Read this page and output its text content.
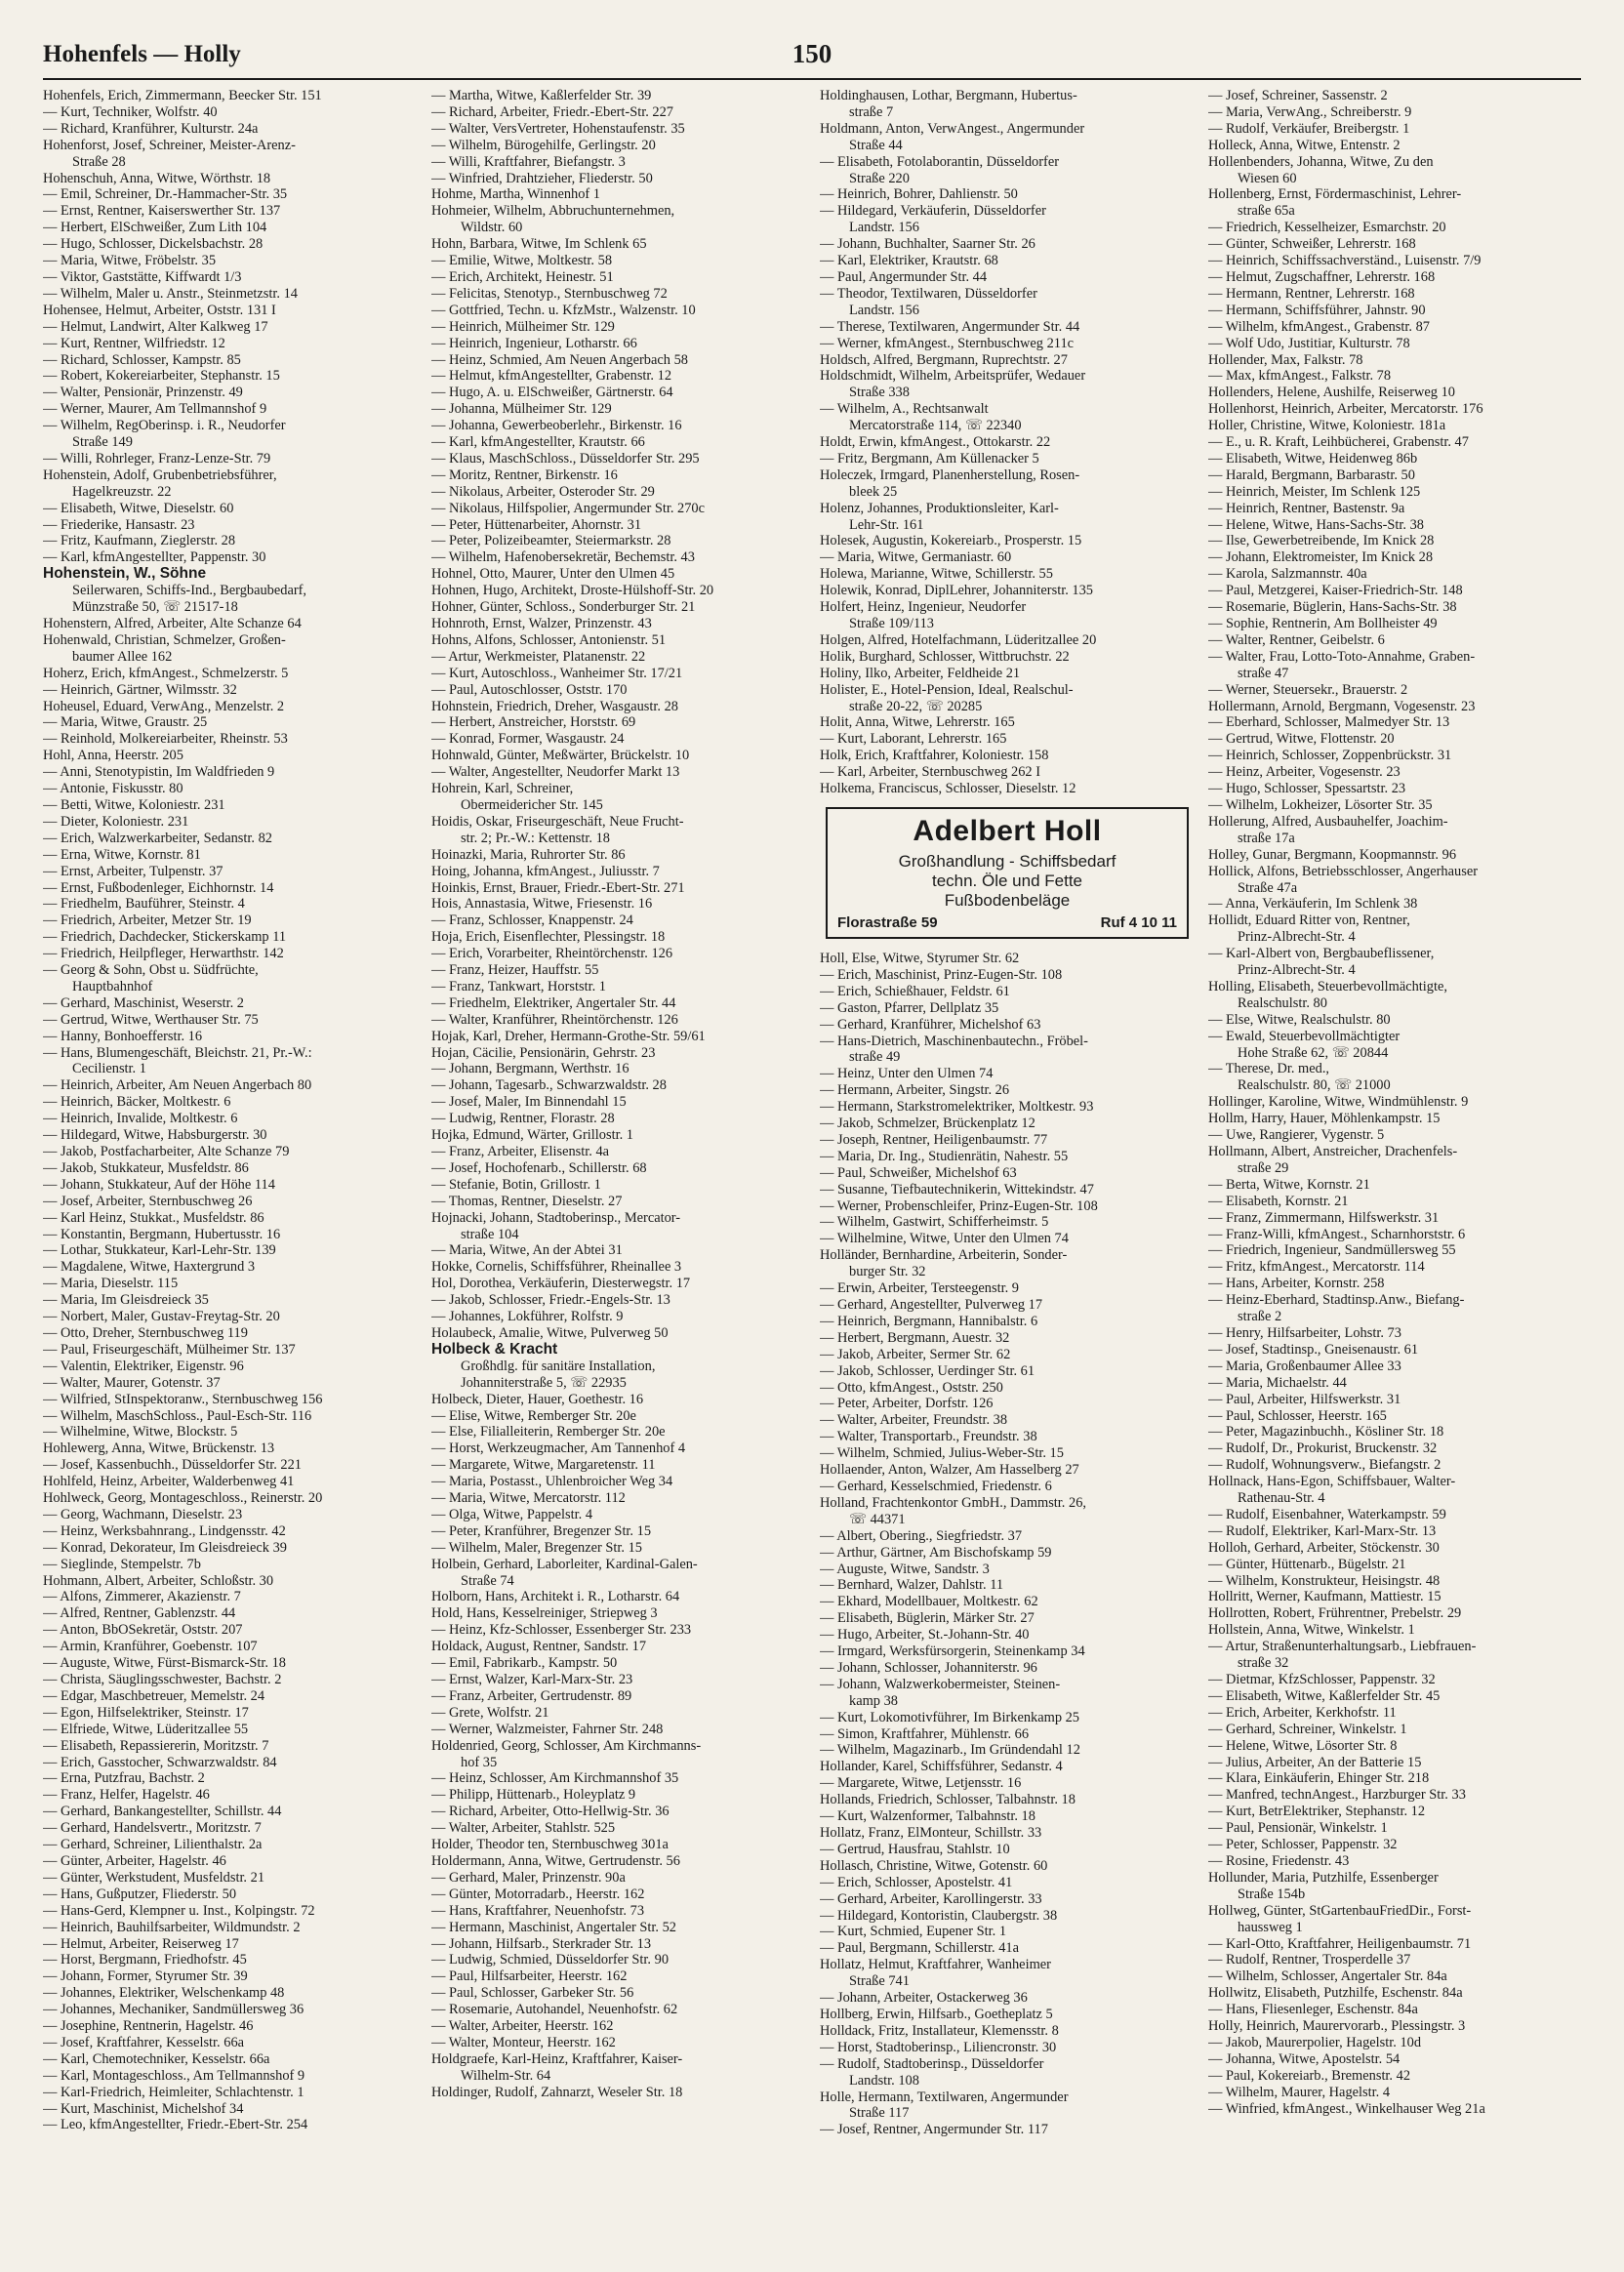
Hohenfels — Holly	150
Hohenfels, Erich, Zimmermann, Beecker Str. 151
— Kurt, Techniker, Wolfstr. 40
— Richard, Kranführer, Kulturstr. 24a
Hohenforst, Josef, Schreiner, Meister-Arenz-
Straße 28
Hohenschuh, Anna, Witwe, Wörthstr. 18
— Emil, Schreiner, Dr.-Hammacher-Str. 35
— Ernst, Rentner, Kaiserswerther Str. 137
— Herbert, ElSchweißer, Zum Lith 104
— Hugo, Schlosser, Dickelsbachstr. 28
— Maria, Witwe, Fröbelstr. 35
— Viktor, Gaststätte, Kiffwardt 1/3
— Wilhelm, Maler u. Anstr., Steinmetzstr. 14
Hohensee, Helmut, Arbeiter, Oststr. 131 I
— Helmut, Landwirt, Alter Kalkweg 17
— Kurt, Rentner, Wilfriedstr. 12
— Richard, Schlosser, Kampstr. 85
— Robert, Kokereiarbeiter, Stephanstr. 15
— Walter, Pensionär, Prinzenstr. 49
— Werner, Maurer, Am Tellmannshof 9
— Wilhelm, RegOberinsp. i. R., Neudorfer
Straße 149
— Willi, Rohrleger, Franz-Lenze-Str. 79
Hohenstein, Adolf, Grubenbetriebsführer,
Hagelkreuzstr. 22
— Elisabeth, Witwe, Dieselstr. 60
— Friederike, Hansastr. 23
— Fritz, Kaufmann, Zieglerstr. 28
— Karl, kfmAngestellter, Pappenstr. 30
Hohenstein, W., Söhne
Seilerwaren, Schiffs-Ind., Bergbaubedarf,
Münzstraße 50, ☏ 21517-18
Hohenstern, Alfred, Arbeiter, Alte Schanze 64
Hohenwald, Christian, Schmelzer, Großen-
baumer Allee 162
Hoherz, Erich, kfmAngest., Schmelzerstr. 5
— Heinrich, Gärtner, Wilmsstr. 32
Hoheusel, Eduard, VerwAng., Menzelstr. 2
— Maria, Witwe, Graustr. 25
— Reinhold, Molkereiarbeiter, Rheinstr. 53
Hohl, Anna, Heerstr. 205
— Anni, Stenotypistin, Im Waldfrieden 9
— Antonie, Fiskusstr. 80
— Betti, Witwe, Koloniestr. 231
— Dieter, Koloniestr. 231
— Erich, Walzwerkarbeiter, Sedanstr. 82
— Erna, Witwe, Kornstr. 81
— Ernst, Arbeiter, Tulpenstr. 37
— Ernst, Fußbodenleger, Eichhornstr. 14
— Friedhelm, Bauführer, Steinstr. 4
— Friedrich, Arbeiter, Metzer Str. 19
— Friedrich, Dachdecker, Stickerskamp 11
— Friedrich, Heilpfleger, Herwarthstr. 142
— Georg & Sohn, Obst u. Südfrüchte,
Hauptbahnhof
— Gerhard, Maschinist, Weserstr. 2
— Gertrud, Witwe, Werthauser Str. 75
— Hanny, Bonhoefferstr. 16
— Hans, Blumengeschäft, Bleichstr. 21, Pr.-W.:
Cecilienstr. 1
— Heinrich, Arbeiter, Am Neuen Angerbach 80
— Heinrich, Bäcker, Moltkestr. 6
— Heinrich, Invalide, Moltkestr. 6
— Hildegard, Witwe, Habsburgerstr. 30
— Jakob, Postfacharbeiter, Alte Schanze 79
— Jakob, Stukkateur, Musfeldstr. 86
— Johann, Stukkateur, Auf der Höhe 114
— Josef, Arbeiter, Sternbuschweg 26
— Karl Heinz, Stukkat., Musfeldstr. 86
— Konstantin, Bergmann, Hubertusstr. 16
— Lothar, Stukkateur, Karl-Lehr-Str. 139
— Magdalene, Witwe, Haxtergrund 3
— Maria, Dieselstr. 115
— Maria, Im Gleisdreieck 35
— Norbert, Maler, Gustav-Freytag-Str. 20
— Otto, Dreher, Sternbuschweg 119
— Paul, Friseurgeschäft, Mülheimer Str. 137
— Valentin, Elektriker, Eigenstr. 96
— Walter, Maurer, Gotenstr. 37
— Wilfried, StInspektoranw., Sternbuschweg 156
— Wilhelm, MaschSchloss., Paul-Esch-Str. 116
— Wilhelmine, Witwe, Blockstr. 5
Hohlewerg, Anna, Witwe, Brückenstr. 13
— Josef, Kassenbuchh., Düsseldorfer Str. 221
Hohlfeld, Heinz, Arbeiter, Walderbenweg 41
Hohlweck, Georg, Montageschloss., Reinerstr. 20
— Georg, Wachmann, Dieselstr. 23
— Heinz, Werksbahnrang., Lindgensstr. 42
— Konrad, Dekorateur, Im Gleisdreieck 39
— Sieglinde, Stempelstr. 7b
Hohmann, Albert, Arbeiter, Schloßstr. 30
— Alfons, Zimmerer, Akazienstr. 7
— Alfred, Rentner, Gablenzstr. 44
— Anton, BbOSekretär, Oststr. 207
— Armin, Kranführer, Goebenstr. 107
— Auguste, Witwe, Fürst-Bismarck-Str. 18
— Christa, Säuglingsschwester, Bachstr. 2
— Edgar, Maschbetreuer, Memelstr. 24
— Egon, Hilfselektriker, Steinstr. 17
— Elfriede, Witwe, Lüderitzallee 55
— Elisabeth, Repassiererin, Moritzstr. 7
— Erich, Gasstocher, Schwarzwaldstr. 84
— Erna, Putzfrau, Bachstr. 2
— Franz, Helfer, Hagelstr. 46
— Gerhard, Bankangestellter, Schillstr. 44
— Gerhard, Handelsvertr., Moritzstr. 7
— Gerhard, Schreiner, Lilienthalstr. 2a
— Günter, Arbeiter, Hagelstr. 46
— Günter, Werkstudent, Musfeldstr. 21
— Hans, Gußputzer, Fliederstr. 50
— Hans-Gerd, Klempner u. Inst., Kolpingstr. 72
— Heinrich, Bauhilfsarbeiter, Wildmundstr. 2
— Helmut, Arbeiter, Reiserweg 17
— Horst, Bergmann, Friedhofstr. 45
— Johann, Former, Styrumer Str. 39
— Johannes, Elektriker, Welschenkamp 48
— Johannes, Mechaniker, Sandmüllersweg 36
— Josephine, Rentnerin, Hagelstr. 46
— Josef, Kraftfahrer, Kesselstr. 66a
— Karl, Chemotechniker, Kesselstr. 66a
— Karl, Montageschloss., Am Tellmannshof 9
— Karl-Friedrich, Heimleiter, Schlachtenstr. 1
— Kurt, Maschinist, Michelshof 34
— Leo, kfmAngestellter, Friedr.-Ebert-Str. 254
— Martha, Witwe, Kaßlerfelder Str. 39
— Richard, Arbeiter, Friedr.-Ebert-Str. 227
— Walter, VersVertreter, Hohenstaufenstr. 35
— Wilhelm, Bürogehilfe, Gerlingstr. 20
— Willi, Kraftfahrer, Biefangstr. 3
— Winfried, Drahtzieher, Fliederstr. 50
Hohme, Martha, Winnenhof 1
Hohmeier, Wilhelm, Abbruchunternehmen,
Wildstr. 60
Hohn, Barbara, Witwe, Im Schlenk 65
— Emilie, Witwe, Moltkestr. 58
— Erich, Architekt, Heinestr. 51
— Felicitas, Stenotyp., Sternbuschweg 72
— Gottfried, Techn. u. KfzMstr., Walzenstr. 10
— Heinrich, Mülheimer Str. 129
— Heinrich, Ingenieur, Lotharstr. 66
— Heinz, Schmied, Am Neuen Angerbach 58
— Helmut, kfmAngestellter, Grabenstr. 12
— Hugo, A. u. ElSchweißer, Gärtnerstr. 64
— Johanna, Mülheimer Str. 129
— Johanna, Gewerbeoberlehr., Birkenstr. 16
— Karl, kfmAngestellter, Krautstr. 66
— Klaus, MaschSchloss., Düsseldorfer Str. 295
— Moritz, Rentner, Birkenstr. 16
— Nikolaus, Arbeiter, Osteroder Str. 29
— Nikolaus, Hilfspolier, Angermunder Str. 270c
— Peter, Hüttenarbeiter, Ahornstr. 31
— Peter, Polizeibeamter, Steiermarkstr. 28
— Wilhelm, Hafenobersekretär, Bechemstr. 43
Hohnel, Otto, Maurer, Unter den Ulmen 45
Hohnen, Hugo, Architekt, Droste-Hülshoff-Str. 20
Hohner, Günter, Schloss., Sonderburger Str. 21
Hohnroth, Ernst, Walzer, Prinzenstr. 43
Hohns, Alfons, Schlosser, Antonienstr. 51
— Artur, Werkmeister, Platanenstr. 22
— Kurt, Autoschloss., Wanheimer Str. 17/21
— Paul, Autoschlosser, Oststr. 170
Hohnstein, Friedrich, Dreher, Wasgaustr. 28
— Herbert, Anstreicher, Horststr. 69
— Konrad, Former, Wasgaustr. 24
Hohnwald, Günter, Meßwärter, Brückelstr. 10
— Walter, Angestellter, Neudorfer Markt 13
Hohrein, Karl, Schreiner,
Obermeidericher Str. 145
Hoidis, Oskar, Friseurgeschäft, Neue Frucht-
str. 2; Pr.-W.: Kettenstr. 18
Hoinazki, Maria, Ruhrorter Str. 86
Hoing, Johanna, kfmAngest., Juliusstr. 7
Hoinkis, Ernst, Brauer, Friedr.-Ebert-Str. 271
Hois, Annastasia, Witwe, Friesenstr. 16
— Franz, Schlosser, Knappenstr. 24
Hoja, Erich, Eisenflechter, Plessingstr. 18
— Erich, Vorarbeiter, Rheintörchenstr. 126
— Franz, Heizer, Hauffstr. 55
— Franz, Tankwart, Horststr. 1
— Friedhelm, Elektriker, Angertaler Str. 44
— Walter, Kranführer, Rheintörchenstr. 126
Hojak, Karl, Dreher, Hermann-Grothe-Str. 59/61
Hojan, Cäcilie, Pensionärin, Gehrstr. 23
— Johann, Bergmann, Werthstr. 16
— Johann, Tagesarb., Schwarzwaldstr. 28
— Josef, Maler, Im Binnendahl 15
— Ludwig, Rentner, Florastr. 28
Hojka, Edmund, Wärter, Grillostr. 1
— Franz, Arbeiter, Elisenstr. 4a
— Josef, Hochofenarb., Schillerstr. 68
— Stefanie, Botin, Grillostr. 1
— Thomas, Rentner, Dieselstr. 27
Hojnacki, Johann, Stadtoberinsp., Mercator-
straße 104
— Maria, Witwe, An der Abtei 31
Hokke, Cornelis, Schiffsführer, Rheinallee 3
Hol, Dorothea, Verkäuferin, Diesterwegstr. 17
— Jakob, Schlosser, Friedr.-Engels-Str. 13
— Johannes, Lokführer, Rolfstr. 9
Holaubeck, Amalie, Witwe, Pulverweg 50
Holbeck & Kracht
Großhdlg. für sanitäre Installation,
Johanniterstraße 5, ☏ 22935
Holbeck, Dieter, Hauer, Goethestr. 16
— Elise, Witwe, Remberger Str. 20e
— Else, Filialleiterin, Remberger Str. 20e
— Horst, Werkzeugmacher, Am Tannenhof 4
— Margarete, Witwe, Margaretenstr. 11
— Maria, Postasst., Uhlenbroicher Weg 34
— Maria, Witwe, Mercatorstr. 112
— Olga, Witwe, Pappelstr. 4
— Peter, Kranführer, Bregenzer Str. 15
— Wilhelm, Maler, Bregenzer Str. 15
Holbein, Gerhard, Laborleiter, Kardinal-Galen-
Straße 74
Holborn, Hans, Architekt i. R., Lotharstr. 64
Hold, Hans, Kesselreiniger, Striepweg 3
— Heinz, Kfz-Schlosser, Essenberger Str. 233
Holdack, August, Rentner, Sandstr. 17
— Emil, Fabrikarb., Kampstr. 50
— Ernst, Walzer, Karl-Marx-Str. 23
— Franz, Arbeiter, Gertrudenstr. 89
— Grete, Wolfstr. 21
— Werner, Walzmeister, Fahrner Str. 248
Holdenried, Georg, Schlosser, Am Kirchmanns-
hof 35
— Heinz, Schlosser, Am Kirchmannshof 35
— Philipp, Hüttenarb., Holeyplatz 9
— Richard, Arbeiter, Otto-Hellwig-Str. 36
— Walter, Arbeiter, Stahlstr. 525
Holder, Theodor ten, Sternbuschweg 301a
Holdermann, Anna, Witwe, Gertrudenstr. 56
— Gerhard, Maler, Prinzenstr. 90a
— Günter, Motorradarb., Heerstr. 162
— Hans, Kraftfahrer, Neuenhofstr. 73
— Hermann, Maschinist, Angertaler Str. 52
— Johann, Hilfsarb., Sterkrader Str. 13
— Ludwig, Schmied, Düsseldorfer Str. 90
— Paul, Hilfsarbeiter, Heerstr. 162
— Paul, Schlosser, Garbeker Str. 56
— Rosemarie, Autohandel, Neuenhofstr. 62
— Walter, Arbeiter, Heerstr. 162
— Walter, Monteur, Heerstr. 162
Holdgraefe, Karl-Heinz, Kraftfahrer, Kaiser-
Wilhelm-Str. 64
Holdinger, Rudolf, Zahnarzt, Weseler Str. 18
Holdinghausen, Lothar, Bergmann, Hubertus-
straße 7
Holdmann, Anton, VerwAngest., Angermunder
Straße 44
— Elisabeth, Fotolaborantin, Düsseldorfer
Straße 220
— Heinrich, Bohrer, Dahlienstr. 50
— Hildegard, Verkäuferin, Düsseldorfer
Landstr. 156
— Johann, Buchhalter, Saarner Str. 26
— Karl, Elektriker, Krautstr. 68
— Paul, Angermunder Str. 44
— Theodor, Textilwaren, Düsseldorfer
Landstr. 156
— Therese, Textilwaren, Angermunder Str. 44
— Werner, kfmAngest., Sternbuschweg 211c
Holdsch, Alfred, Bergmann, Ruprechtstr. 27
Holdschmidt, Wilhelm, Arbeitsprüfer, Wedauer
Straße 338
— Wilhelm, A., Rechtsanwalt
Mercatorstraße 114, ☏ 22340
Holdt, Erwin, kfmAngest., Ottokarstr. 22
— Fritz, Bergmann, Am Küllenacker 5
Holeczek, Irmgard, Planenherstellung, Rosen-
bleek 25
Holenz, Johannes, Produktionsleiter, Karl-
Lehr-Str. 161
Holesek, Augustin, Kokereiarb., Prosperstr. 15
— Maria, Witwe, Germaniastr. 60
Holewa, Marianne, Witwe, Schillerstr. 55
Holewik, Konrad, DiplLehrer, Johanniterstr. 135
Holfert, Heinz, Ingenieur, Neudorfer
Straße 109/113
Holgen, Alfred, Hotelfachmann, Lüderitzallee 20
Holik, Burghard, Schlosser, Wittbruchstr. 22
Holiny, Ilko, Arbeiter, Feldheide 21
Holister, E., Hotel-Pension, Ideal, Realschul-
straße 20-22, ☏ 20285
Holit, Anna, Witwe, Lehrerstr. 165
— Kurt, Laborant, Lehrerstr. 165
Holk, Erich, Kraftfahrer, Koloniestr. 158
— Karl, Arbeiter, Sternbuschweg 262 I
Holkema, Franciscus, Schlosser, Dieselstr. 12
Adelbert Holl
Großhandlung - Schiffsbedarf
techn. Öle und Fette
Fußbodenbeläge
Florastraße 59	Ruf 4 10 11
Holl, Else, Witwe, Styrumer Str. 62
— Erich, Maschinist, Prinz-Eugen-Str. 108
— Erich, Schießhauer, Feldstr. 61
— Gaston, Pfarrer, Dellplatz 35
— Gerhard, Kranführer, Michelshof 63
— Hans-Dietrich, Maschinenbautechn., Fröbel-
straße 49
— Heinz, Unter den Ulmen 74
— Hermann, Arbeiter, Singstr. 26
— Hermann, Starkstromelektriker, Moltkestr. 93
— Jakob, Schmelzer, Brückenplatz 12
— Joseph, Rentner, Heiligenbaumstr. 77
— Maria, Dr. Ing., Studienrätin, Nahestr. 55
— Paul, Schweißer, Michelshof 63
— Susanne, Tiefbautechnikerin, Wittekindstr. 47
— Werner, Probenschleifer, Prinz-Eugen-Str. 108
— Wilhelm, Gastwirt, Schifferheimstr. 5
— Wilhelmine, Witwe, Unter den Ulmen 74
Holländer, Bernhardine, Arbeiterin, Sonder-
burger Str. 32
— Erwin, Arbeiter, Tersteegenstr. 9
— Gerhard, Angestellter, Pulverweg 17
— Heinrich, Bergmann, Hannibalstr. 6
— Herbert, Bergmann, Auestr. 32
— Jakob, Arbeiter, Sermer Str. 62
— Jakob, Schlosser, Uerdinger Str. 61
— Otto, kfmAngest., Oststr. 250
— Peter, Arbeiter, Dorfstr. 126
— Walter, Arbeiter, Freundstr. 38
— Walter, Transportarb., Freundstr. 38
— Wilhelm, Schmied, Julius-Weber-Str. 15
Hollaender, Anton, Walzer, Am Hasselberg 27
— Gerhard, Kesselschmied, Friedenstr. 6
Holland, Frachtenkontor GmbH., Dammstr. 26,
☏ 44371
— Albert, Obering., Siegfriedstr. 37
— Arthur, Gärtner, Am Bischofskamp 59
— Auguste, Witwe, Sandstr. 3
— Bernhard, Walzer, Dahlstr. 11
— Ekhard, Modellbauer, Moltkestr. 62
— Elisabeth, Büglerin, Märker Str. 27
— Hugo, Arbeiter, St.-Johann-Str. 40
— Irmgard, Werksfürsorgerin, Steinenkamp 34
— Johann, Schlosser, Johanniterstr. 96
— Johann, Walzwerkobermeister, Steinen-
kamp 38
— Kurt, Lokomotivführer, Im Birkenkamp 25
— Simon, Kraftfahrer, Mühlenstr. 66
— Wilhelm, Magazinarb., Im Gründendahl 12
Hollander, Karel, Schiffsführer, Sedanstr. 4
— Margarete, Witwe, Letjensstr. 16
Hollands, Friedrich, Schlosser, Talbahnstr. 18
— Kurt, Walzenformer, Talbahnstr. 18
Hollatz, Franz, ElMonteur, Schillstr. 33
— Gertrud, Hausfrau, Stahlstr. 10
Hollasch, Christine, Witwe, Gotenstr. 60
— Erich, Schlosser, Apostelstr. 41
— Gerhard, Arbeiter, Karollingerstr. 33
— Hildegard, Kontoristin, Claubergstr. 38
— Kurt, Schmied, Eupener Str. 1
— Paul, Bergmann, Schillerstr. 41a
Hollatz, Helmut, Kraftfahrer, Wanheimer
Straße 741
— Johann, Arbeiter, Ostackerweg 36
Hollberg, Erwin, Hilfsarb., Goetheplatz 5
Holldack, Fritz, Installateur, Klemensstr. 8
— Horst, Stadtoberinsp., Liliencronstr. 30
— Rudolf, Stadtoberinsp., Düsseldorfer
Landstr. 108
Holle, Hermann, Textilwaren, Angermunder
Straße 117
— Josef, Rentner, Angermunder Str. 117
— Josef, Schreiner, Sassenstr. 2
— Maria, VerwAng., Schreiberstr. 9
— Rudolf, Verkäufer, Breibergstr. 1
Holleck, Anna, Witwe, Entenstr. 2
Hollenbenders, Johanna, Witwe, Zu den
Wiesen 60
Hollenberg, Ernst, Fördermaschinist, Lehrer-
straße 65a
— Friedrich, Kesselheizer, Esmarchstr. 20
— Günter, Schweißer, Lehrerstr. 168
— Heinrich, Schiffssachverständ., Luisenstr. 7/9
— Helmut, Zugschaffner, Lehrerstr. 168
— Hermann, Rentner, Lehrerstr. 168
— Hermann, Schiffsführer, Jahnstr. 90
— Wilhelm, kfmAngest., Grabenstr. 87
— Wolf Udo, Justitiar, Kulturstr. 78
Hollender, Max, Falkstr. 78
— Max, kfmAngest., Falkstr. 78
Hollenders, Helene, Aushilfe, Reiserweg 10
Hollenhorst, Heinrich, Arbeiter, Mercatorstr. 176
Holler, Christine, Witwe, Koloniestr. 181a
— E., u. R. Kraft, Leihbücherei, Grabenstr. 47
— Elisabeth, Witwe, Heidenweg 86b
— Harald, Bergmann, Barbarastr. 50
— Heinrich, Meister, Im Schlenk 125
— Heinrich, Rentner, Bastenstr. 9a
— Helene, Witwe, Hans-Sachs-Str. 38
— Ilse, Gewerbetreibende, Im Knick 28
— Johann, Elektromeister, Im Knick 28
— Karola, Salzmannstr. 40a
— Paul, Metzgerei, Kaiser-Friedrich-Str. 148
— Rosemarie, Büglerin, Hans-Sachs-Str. 38
— Sophie, Rentnerin, Am Bollheister 49
— Walter, Rentner, Geibelstr. 6
— Walter, Frau, Lotto-Toto-Annahme, Graben-
straße 47
— Werner, Steuersekr., Brauerstr. 2
Hollermann, Arnold, Bergmann, Vogesenstr. 23
— Eberhard, Schlosser, Malmedyer Str. 13
— Gertrud, Witwe, Flottenstr. 20
— Heinrich, Schlosser, Zoppenbrückstr. 31
— Heinz, Arbeiter, Vogesenstr. 23
— Hugo, Schlosser, Spessartstr. 23
— Wilhelm, Lokheizer, Lösorter Str. 35
Hollerung, Alfred, Ausbauhelfer, Joachim-
straße 17a
Holley, Gunar, Bergmann, Koopmannstr. 96
Hollick, Alfons, Betriebsschlosser, Angerhauser
Straße 47a
— Anna, Verkäuferin, Im Schlenk 38
Hollidt, Eduard Ritter von, Rentner,
Prinz-Albrecht-Str. 4
— Karl-Albert von, Bergbaubeflissener,
Prinz-Albrecht-Str. 4
Holling, Elisabeth, Steuerbevollmächtigte,
Realschulstr. 80
— Else, Witwe, Realschulstr. 80
— Ewald, Steuerbevollmächtigter
Hohe Straße 62, ☏ 20844
— Therese, Dr. med.,
Realschulstr. 80, ☏ 21000
Hollinger, Karoline, Witwe, Windmühlenstr. 9
Hollm, Harry, Hauer, Möhlenkampstr. 15
— Uwe, Rangierer, Vygenstr. 5
Hollmann, Albert, Anstreicher, Drachenfels-
straße 29
— Berta, Witwe, Kornstr. 21
— Elisabeth, Kornstr. 21
— Franz, Zimmermann, Hilfswerkstr. 31
— Franz-Willi, kfmAngest., Scharnhorststr. 6
— Friedrich, Ingenieur, Sandmüllersweg 55
— Fritz, kfmAngest., Mercatorstr. 114
— Hans, Arbeiter, Kornstr. 258
— Heinz-Eberhard, Stadtinsp.Anw., Biefang-
straße 2
— Henry, Hilfsarbeiter, Lohstr. 73
— Josef, Stadtinsp., Gneisenaustr. 61
— Maria, Großenbaumer Allee 33
— Maria, Michaelstr. 44
— Paul, Arbeiter, Hilfswerkstr. 31
— Paul, Schlosser, Heerstr. 165
— Peter, Magazinbuchh., Kösliner Str. 18
— Rudolf, Dr., Prokurist, Bruckenstr. 32
— Rudolf, Wohnungsverw., Biefangstr. 2
Hollnack, Hans-Egon, Schiffsbauer, Walter-
Rathenau-Str. 4
— Rudolf, Eisenbahner, Waterkampstr. 59
— Rudolf, Elektriker, Karl-Marx-Str. 13
Holloh, Gerhard, Arbeiter, Stöckenstr. 30
— Günter, Hüttenarb., Bügelstr. 21
— Wilhelm, Konstrukteur, Heisingstr. 48
Hollritt, Werner, Kaufmann, Mattiestr. 15
Hollrotten, Robert, Frührentner, Prebelstr. 29
Hollstein, Anna, Witwe, Winkelstr. 1
— Artur, Straßenunterhaltungsarb., Liebfrauen-
straße 32
— Dietmar, KfzSchlosser, Pappenstr. 32
— Elisabeth, Witwe, Kaßlerfelder Str. 45
— Erich, Arbeiter, Kerkhofstr. 11
— Gerhard, Schreiner, Winkelstr. 1
— Helene, Witwe, Lösorter Str. 8
— Julius, Arbeiter, An der Batterie 15
— Klara, Einkäuferin, Ehinger Str. 218
— Manfred, technAngest., Harzburger Str. 33
— Kurt, BetrElektriker, Stephanstr. 12
— Paul, Pensionär, Winkelstr. 1
— Peter, Schlosser, Pappenstr. 32
— Rosine, Friedenstr. 43
Hollunder, Maria, Putzhilfe, Essenberger
Straße 154b
Hollweg, Günter, StGartenbauFriedDir., Forst-
haussweg 1
— Karl-Otto, Kraftfahrer, Heiligenbaumstr. 71
— Rudolf, Rentner, Trosperdelle 37
— Wilhelm, Schlosser, Angertaler Str. 84a
Hollwitz, Elisabeth, Putzhilfe, Eschenstr. 84a
— Hans, Fliesenleger, Eschenstr. 84a
Holly, Heinrich, Maurervorarb., Plessingstr. 3
— Jakob, Maurerpolier, Hagelstr. 10d
— Johanna, Witwe, Apostelstr. 54
— Paul, Kokereiarb., Bremenstr. 42
— Wilhelm, Maurer, Hagelstr. 4
— Winfried, kfmAngest., Winkelhauser Weg 21a
